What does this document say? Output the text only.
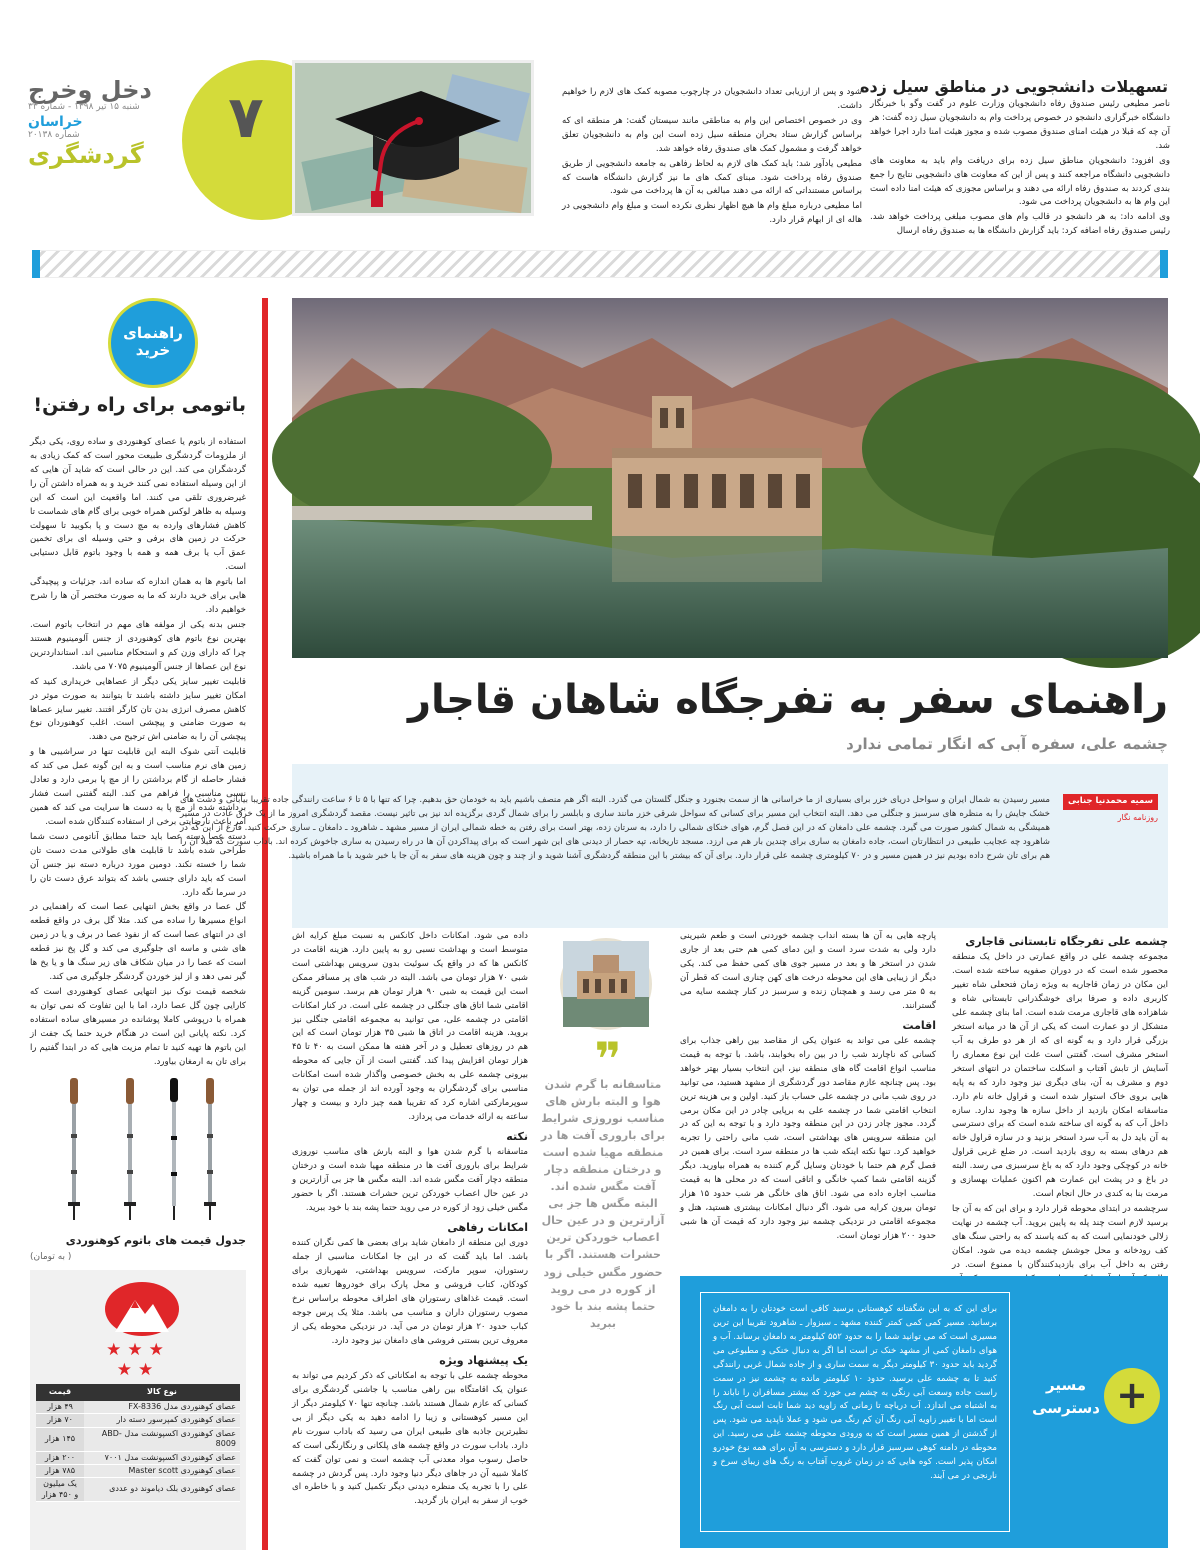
دخل وخرج
شنبه ۱۵ تیر ۱۳۹۸ - شماره ۳۳
خراسان
شماره ۲۰۱۳۸
گردشگری
۷	تسهیلات دانشجویی در مناطق سیل زده

ناصر مطیعی رئیس صندوق رفاه دانشجویان وزارت علوم در گفت وگو با خبرنگار دانشگاه خبرگزاری دانشجو در خصوص پرداخت وام به دانشجویان سیل زده گفت: هر آن چه که قبلا در هیئت امنای صندوق مصوب شده و مجوز هیئت امنا دارد اجرا خواهد شد.

وی افزود: دانشجویان مناطق سیل زده برای دریافت وام باید به معاونت های دانشجویی دانشگاه مراجعه کنند و پس از این که معاونت های دانشجویی نتایج را جمع بندی کردند به صندوق رفاه ارائه می دهند و براساس مجوزی که هیئت امنا داده است این وام ها به دانشجویان پرداخت می شود.

وی ادامه داد: به هر دانشجو در قالب وام های مصوب مبلغی پرداخت خواهد شد. رئیس صندوق رفاه اضافه کرد: باید گزارش دانشگاه ها به صندوق رفاه ارسال

شود و پس از ارزیابی تعداد دانشجویان در چارچوب مصوبه کمک های لازم را خواهیم داشت.

وی در خصوص اختصاص این وام به مناطقی مانند سیستان گفت: هر منطقه ای که براساس گزارش ستاد بحران منطقه سیل زده است این وام به دانشجویان تعلق خواهد گرفت و مشمول کمک های صندوق رفاه خواهد شد.

مطیعی یادآور شد: باید کمک های لازم به لحاظ رفاهی به جامعه دانشجویی از طریق صندوق رفاه پرداخت شود. مبنای کمک های ما نیز گزارش دانشگاه هاست که براساس مستنداتی که ارائه می دهند مبالغی به آن ها پرداخت می شود.

اما مطیعی درباره مبلغ وام ها هیچ اظهار نظری نکرده است و مبلغ وام دانشجویی در هاله ای از ابهام قرار دارد.

راهنمای خرید
باتومی برای راه رفتن!

استفاده از باتوم یا عصای کوهنوردی و ساده روی، یکی دیگر از ملزومات گردشگری طبیعت محور است که کمک زیادی به گردشگران می کند. این در حالی است که شاید آن هایی که از این وسیله استفاده نمی کنند خرید و به همراه داشتن آن را غیرضروری تلقی می کنند. اما واقعیت این است که این وسیله به ظاهر لوکس همراه خوبی برای گام های شماست تا کاهش فشارهای وارده به مچ دست و پا بکوبید تا سهولت حرکت در زمین های برفی و حتی وسیله ای برای تخمین عمق آب یا برف همه و همه با وجود باتوم قابل دستیابی است.

اما باتوم ها به همان اندازه که ساده اند، جزئیات و پیچیدگی هایی برای خرید دارند که ما به صورت مختصر آن ها را شرح خواهیم داد.

جنس بدنه یکی از مولفه های مهم در انتخاب باتوم است. بهترین نوع باتوم های کوهنوردی از جنس آلومینیوم هستند چرا که دارای وزن کم و استحکام مناسبی اند. استانداردترین نوع این عصاها از جنس آلومینیوم ۷۰۷۵ می باشد.

قابلیت تغییر سایز یکی دیگر از عصاهایی خریداری کنید که امکان تغییر سایز داشته باشند تا بتوانند به صورت موثر در کاهش مصرف انرژی بدن تان کارگر افتند. تغییر سایز عصاها به صورت ضامنی و پیچشی است. اغلب کوهنوردان نوع پیچشی آن را به ضامنی اش ترجیح می دهند.

قابلیت آنتی شوک البته این قابلیت تنها در سراشیبی ها و زمین های نرم مناسب است و به این گونه عمل می کند که فشار حاصله از گام برداشتن را از مچ پا برمی دارد و تعادل نسبی مناسبی را فراهم می کند. البته گفتنی است فشار برداشته شده از مچ پا به دست ها سرایت می کند که همین امر باعث نارضایتی برخی از استفاده کنندگان شده است.

دسته عصا دسته عصا باید حتما مطابق آناتومی دست شما طراحی شده باشد تا قابلیت های طولانی مدت دست تان شما را خسته نکند. دومین مورد درباره دسته نیز جنس آن است که باید دارای جنسی باشد که بتواند عرق دست تان را در سرما نگه دارد.

گل عصا در واقع بخش انتهایی عصا است که راهنمایی در انواع مسیرها را ساده می کند. مثلا گل برف در واقع قطعه ای در انتهای عصا است که از نفوذ عصا در برف و یا در زمین های شنی و ماسه ای جلوگیری می کند و گل پخ نیز قطعه است که عصا را در میان شکاف های زیر سنگ ها و یا یخ ها گیر نمی دهد و از لیز خوردن گردشگر جلوگیری می کند.

شخصه قیمت نوک نیز انتهایی عصای کوهنوردی است که کارایی چون گل عصا دارد، اما با این تفاوت که نمی توان به همراه با درپوشی کاملا پوشانده در مسیرهای ساده استفاده کرد. نکته پایانی این است در هنگام خرید حتما یک جفت از این باتوم ها تهیه کنید تا تمام مزیت هایی که در ابتدا گفتیم را برای تان به ارمغان بیاورد.

جدول قیمت های باتوم کوهنوردی
( به تومان)
★★★
★★
نوع کالا	قیمت
عصای کوهنوردی مدل FX-8336	۴۹ هزار
عصای کوهنوردی کمپرسور دسته دار	۷۰ هزار
عصای کوهنوردی اکسپونشت مدل ABD-8009	۱۴۵ هزار
عصای کوهنوردی اکسپونشت مدل ۷۰۰۱	۲۰۰ هزار
عصای کوهنوردی Master scott	۷۸۵ هزار
عصای کوهنوردی بلک دیاموند دو عددی	یک میلیون و ۴۵۰ هزار
راهنمای سفر به تفرجگاه شاهان قاجار
چشمه علی، سفره آبی که انگار تمامی ندارد
سمیه محمدنیا جنابی
روزنامه نگار
مسیر رسیدن به شمال ایران و سواحل دریای خزر برای بسیاری از ما خراسانی ها از سمت بجنورد و جنگل گلستان می گذرد. البته اگر هم منصف باشیم باید به خودمان حق بدهیم. چرا که تنها با ۵ تا ۶ ساعت رانندگی جاده تقریبا بیابانی و دشت های خشک جایش را به منظره های سرسبز و جنگلی می دهد. البته انتخاب این مسیر برای کسانی که سواحل شرقی خزر مانند ساری و بابلسر را برای شمال گردی برگزیده اند نیز بی تاثیر نیست. مقصد گردشگری امروز ما از یک خرق عادت در مسیر همیشگی به شمال کشور صورت می گیرد. چشمه علی دامغان که در این فصل گرم، هوای خنکای شمالی را دارد، به سرتان زده، بهتر است برای رفتن به خطه شمالی ایران از مسیر مشهد ـ شاهرود ـ دامغان ـ ساری حرکت کنید. فارغ از این که در شاهرود چه عجایب طبیعی در انتظارتان است، جاده دامغان به ساری برای چندین بار هم می ارزد. مسجد تاریخانه، تپه حصار از دیدنی های این شهر است که برای پیداکردن آن ها در راه رسیدن به ساری جاخوش کرده اند. باداب سورت که قبلا آن را هم برای تان شرح داده بودیم نیز در همین مسیر و در ۷۰ کیلومتری چشمه علی قرار دارد. برای آن که بیشتر با این منطقه گردشگری آشنا شوید و از چند و چون هزینه های سفر به آن جا با خبر شوید با ما همراه باشید.
چشمه علی تفرجگاه تابستانی قاجاری

مجموعه چشمه علی در واقع عمارتی در داخل یک منطقه محصور شده است که در دوران صفویه ساخته شده است. این مکان در زمان قاجاریه به ویژه زمان فتحعلی شاه تغییر کاربری داده و صرفا برای خوشگذرانی تابستانی شاه و شاهزاده های قاجاری مرمت شده است. اما بنای چشمه علی متشکل از دو عمارت است که یکی از آن ها در میانه استخر بزرگی قرار دارد و به گونه ای که از هر دو طرف به آب استخر مشرف است. گفتنی است علت این نوع معماری را آسایش از تابش آفتاب و اسکلت ساختمان در انتهای استخر دوم و مشرف به آن، بنای دیگری نیز وجود دارد که به پایه هایی بروی خاک استوار شده است و قراول خانه نام دارد. متاسفانه امکان بازدید از داخل سازه ها وجود ندارد. سازه داخل آب که به گونه ای ساخته شده است که برای دسترسی به آن باید دل به آب سرد استخر بزنید و در سازه قراول خانه هم درهای بسته به روی بازدید است. در ضلع غربی قراول خانه در کوچکی وجود دارد که به باغ سرسبزی می رسد. البته در باغ و در پشت این عمارت هم اکنون عملیات بهسازی و مرمت بنا به کندی در حال انجام است.

سرچشمه در ابتدای محوطه قرار دارد و برای این که به آن جا برسید لازم است چند پله به پایین بروید. آب چشمه در نهایت زلالی خودنمایی است که به کنه یاسند که به راحتی سنگ های کف رودخانه و محل جوشش چشمه دیده می شود. امکان رفتن به داخل آب برای بازدیدکنندگان با ممنوع است. در

پارچه هایی به آن ها بسته انداب چشمه خوردنی است و طعم شیرینی دارد ولی به شدت سرد است و این دمای کمی هم حتی بعد از جاری شدن در استخر ها و بعد در مسیر جوی های کمی حفظ می کند. یکی دیگر از زیبایی های این محوطه درخت های کهن چناری است که قطر آن به ۵ متر می رسد و همچنان زنده و سرسبز در کنار چشمه سایه می گسترانند.

اقامت

چشمه علی می تواند به عنوان یکی از مقاصد بین راهی جذاب برای کسانی که ناچارند شب را در بین راه بخوابند، باشد. با توجه به قیمت مناسب انواع اقامت گاه های منطقه نیز، این انتخاب بسیار بهتر خواهد بود. پس چنانچه عازم مقاصد دور گردشگری از مشهد هستید، می توانید در روی شب مانی در چشمه علی حساب باز کنید. اولین و بی هزینه ترین انتخاب اقامتی شما در چشمه علی به برپایی چادر در این مکان برمی گردد. مجوز چادر زدن در این منطقه وجود دارد و با توجه به این که در این منطقه سرویس های بهداشتی است، شب مانی راحتی را تجربه خواهید کرد. تنها نکته اینکه شب ها در منطقه سرد است. برای همین در فصل گرم هم حتما با خودتان وسایل گرم کننده به همراه بیاورید. دیگر گزینه اقامتی شما کمپ خانگی و اتاقی است که در محلی ها به قیمت مناسب اجاره داده می شود. اتاق های خانگی هر شب حدود ۱۵ هزار تومان بیرون کرایه می شود. اگر دنبال امکانات بیشتری هستید، هتل و مجموعه اقامتی در نزدیکی چشمه نیز وجود دارد که قیمت آن ها شبی حدود ۲۰۰ هزار تومان است.

❞
متاسفانه با گرم شدن هوا و البته بارش های مناسب نوروزی شرایط برای باروری آفت ها در منطقه مهیا شده است و درختان منطقه دچار آفت مگس شده اند. البته مگس ها جز بی آزارترین و در عین حال اعصاب خوردکن ترین حشرات هستند. اگر با حضور مگس خیلی زود از کوره در می روید حتما پشه بند با خود ببرید

داده می شود. امکانات داخل کانکس به نسبت مبلغ کرایه اش متوسط است و بهداشت نسبی رو به پایین دارد. هزینه اقامت در کانکس ها که در واقع یک سوئیت بدون سرویس بهداشتی است شبی ۷۰ هزار تومان می باشد. البته در شب های پر مسافر ممکن است این قیمت به شبی ۹۰ هزار تومان هم برسد. سومین گزینه اقامتی شما اتاق های جنگلی در چشمه علی است. در کنار امکانات اقامتی در چشمه علی، می توانید به مجموعه اقامتی جنگلی نیز بروید. هزینه اقامت در اتاق ها شبی ۳۵ هزار تومان است که این هم در روزهای تعطیل و در آخر هفته ها ممکن است به ۴۰ تا ۴۵ هزار تومان افزایش پیدا کند. گفتنی است از آن جایی که محوطه بیرونی چشمه علی به بخش خصوصی واگذار شده است امکانات مناسبی برای گردشگران به وجود آورده اند از جمله می توان به سوپرمارکتی اشاره کرد که تقریبا همه چیز دارد و بیست و چهار ساعته به ارائه خدمات می پردازد.

نکته

متاسفانه با گرم شدن هوا و البته بارش های مناسب نوروزی شرایط برای باروری آفت ها در منطقه مهیا شده است و درختان منطقه دچار آفت مگس شده اند. البته مگس ها جز بی آزارترین و در عین حال اعصاب خوردکن ترین حشرات هستند. اگر با حضور مگس خیلی زود از کوره در می روید حتما پشه بند با خود ببرید.

امکانات رفاهی

دوری این منطقه از دامغان شاید برای بعضی ها کمی نگران کننده باشد. اما باید گفت که در این جا امکانات مناسبی از جمله رستوران، سوپر مارکت، سرویس بهداشتی، شهربازی برای کودکان، کتاب فروشی و محل پارک برای خودروها تعبیه شده است. قیمت غذاهای رستوران های اطراف محوطه براساس نرخ مصوب رستوران داران و مناسب می باشد. مثلا یک پرس جوجه کباب حدود ۲۰ هزار تومان در می آید. در نزدیکی محوطه یکی از معروف ترین بستنی فروشی های دامغان نیز وجود دارد.

یک پیشنهاد ویژه

محوطه چشمه علی با توجه به امکاناتی که ذکر کردیم می تواند به عنوان یک اقامتگاه بین راهی مناسب یا جاشنی گردشگری برای کسانی که عازم شمال هستند باشد. چنانچه تنها ۷۰ کیلومتر دیگر از این مسیر کوهستانی و زیبا را ادامه دهید به یکی دیگر از بی نظیرترین جاذبه های طبیعی ایران می رسید که باداب سورت نام دارد. باداب سورت در واقع چشمه های پلکانی و رنگارنگی است که حاصل رسوب مواد معدنی آب چشمه است و نمی توان گفت که کاملا شبیه آن در جاهای دیگر دنیا وجود دارد. پس گردش در چشمه علی را با تجربه یک منظره دیدنی دیگر تکمیل کنید و با خاطره ای خوب از سفر به ایران باز گردید.

برای این که به این شگفتانه کوهستانی برسید کافی است خودتان را به دامغان برسانید. مسیر کمی کمی کمتر کننده مشهد ـ سبزوار ـ شاهرود تقریبا این ترین مسیری است که می توانید شما را به حدود ۵۵۲ کیلومتر به دامغان برساند. آب و هوای دامغان کمی از مشهد خنک تر است اما اگر به دنبال خنکی و مطبوعی می گردید باید حدود ۳۰ کیلومتر دیگر به سمت ساری و از جاده شمال غربی رانندگی کنید تا به چشمه علی برسید. حدود ۱۰ کیلومتر مانده به چشمه نیز در سمت راست جاده وسعت آبی رنگی به چشم می خورد که بیشتر مسافران را ناباند را به اشتباه می اندازد. آب دریاچه تا زمانی که زاویه دید شما ثابت است آبی رنگ است اما با تغییر زاویه آبی رنگ آن کم رنگ می شود و عملا ناپدید می شود. پس از گذشتن از همین مسیر است که به ورودی محوطه چشمه علی می رسید. این محوطه در دامنه کوهی سرسبز قرار دارد و دسترسی به آن برای همه نوع خودرو امکان پذیر است. کوه هایی که در زمان غروب آفتاب به رنگ های زیبای سرخ و نارنجی در می آیند.
مسیر دسترسی +
